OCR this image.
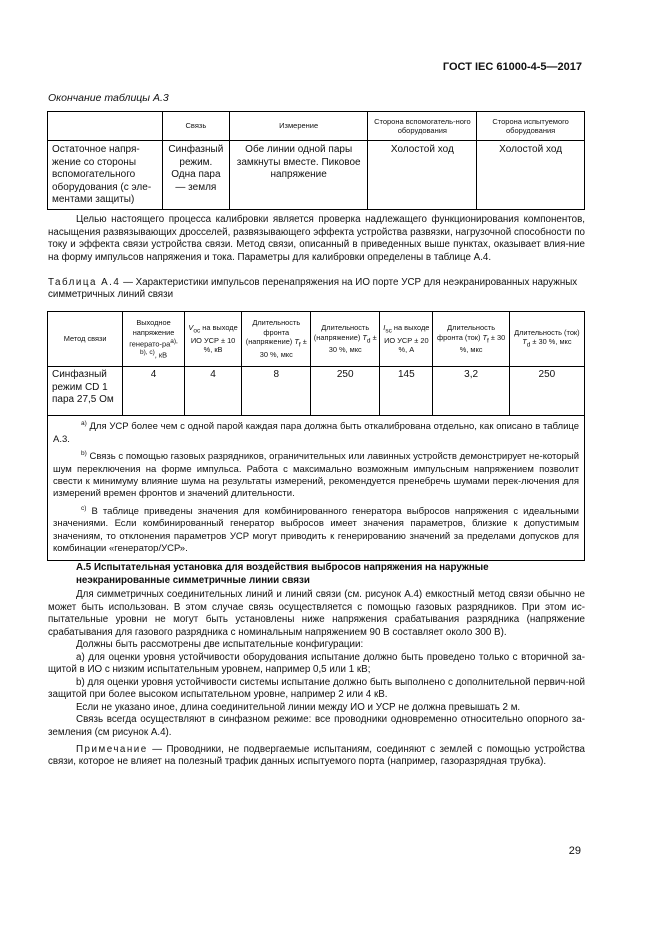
ГОСТ IEC 61000-4-5—2017
Окончание таблицы А.3
	Связь	Измерение	Сторона вспомогатель-ного оборудования	Сторона испытуемого оборудования
Остаточное напря-жение со стороны вспомогательного оборудования (с эле-ментами защиты)	Синфазный режим. Одна пара — земля	Обе линии одной пары замкнуты вместе. Пиковое напряжение	Холостой ход	Холостой ход
Целью настоящего процесса калибровки является проверка надлежащего функционирования компонентов, насыщения развязывающих дросселей, развязывающего эффекта устройства развязки, нагрузочной способности по току и эффекта связи устройства связи. Метод связи, описанный в приведенных выше пунктах, оказывает влия-ние на форму импульсов напряжения и тока. Параметры для калибровки определены в таблице А.4.
Таблица А.4 — Характеристики импульсов перенапряжения на ИО порте УСР для неэкранированных наружных симметричных линий связи
Метод связи	Выходное напряжение генерато-$ра^{a), b), c)}$, кВ	$V_{oc}$ на выходе ИО УСР ± 10 %, кВ	Длительность фронта (напряжение) $T_f \pm 30$ %, мкс	Длительность (напряжение) $T_d \pm 30$ %, мкс	$I_{sc}$ на выходе ИО УСР ± 20 %, А	Длительность фронта (ток) $T_f \pm 30$ %, мкс	Длительность (ток) $T_d \pm 30$ %, мкс
Синфазный режим CD 1 пара 27,5 Ом	4	4	8	250	145	3,2	250

$^{a)}$ Для УСР более чем с одной парой каждая пара должна быть откалибрована отдельно, как описано в таблице А.3.

$^{b)}$ Связь с помощью газовых разрядников, ограничительных или лавинных устройств демонстрирует не-который шум переключения на форме импульса. Работа с максимально возможным импульсным напряжением позволит свести к минимуму влияние шума на результаты измерений, рекомендуется пренебречь шумами перек-лючения для измерений времен фронтов и значений длительности.

$^{c)}$ В таблице приведены значения для комбинированного генератора выбросов напряжения с идеальными значениями. Если комбинированный генератор выбросов имеет значения параметров, близкие к допустимым значениям, то отклонения параметров УСР могут приводить к генерированию значений за пределами допусков для комбинации «генератор/УСР».							

А.5 Испытательная установка для воздействия выбросов напряжения на наружные неэкранированные симметричные линии связи

Для симметричных соединительных линий и линий связи (см. рисунок А.4) емкостный метод связи обычно не может быть использован. В этом случае связь осуществляется с помощью газовых разрядников. При этом ис-пытательные уровни не могут быть установлены ниже напряжения срабатывания разрядника (напряжение срабатывания для газового разрядника с номинальным напряжением 90 В составляет около 300 В).

Должны быть рассмотрены две испытательные конфигурации:

a) для оценки уровня устойчивости оборудования испытание должно быть проведено только с вторичной за-щитой в ИО с низким испытательным уровнем, например 0,5 или 1 кВ;

b) для оценки уровня устойчивости системы испытание должно быть выполнено с дополнительной первич-ной защитой при более высоком испытательном уровне, например 2 или 4 кВ.

Если не указано иное, длина соединительной линии между ИО и УСР не должна превышать 2 м.

Связь всегда осуществляют в синфазном режиме: все проводники одновременно относительно опорного за-земления (см рисунок А.4).

Примечание — Проводники, не подвергаемые испытаниям, соединяют с землей с помощью устройства связи, которое не влияет на полезный трафик данных испытуемого порта (например, газоразрядная трубка).

29
